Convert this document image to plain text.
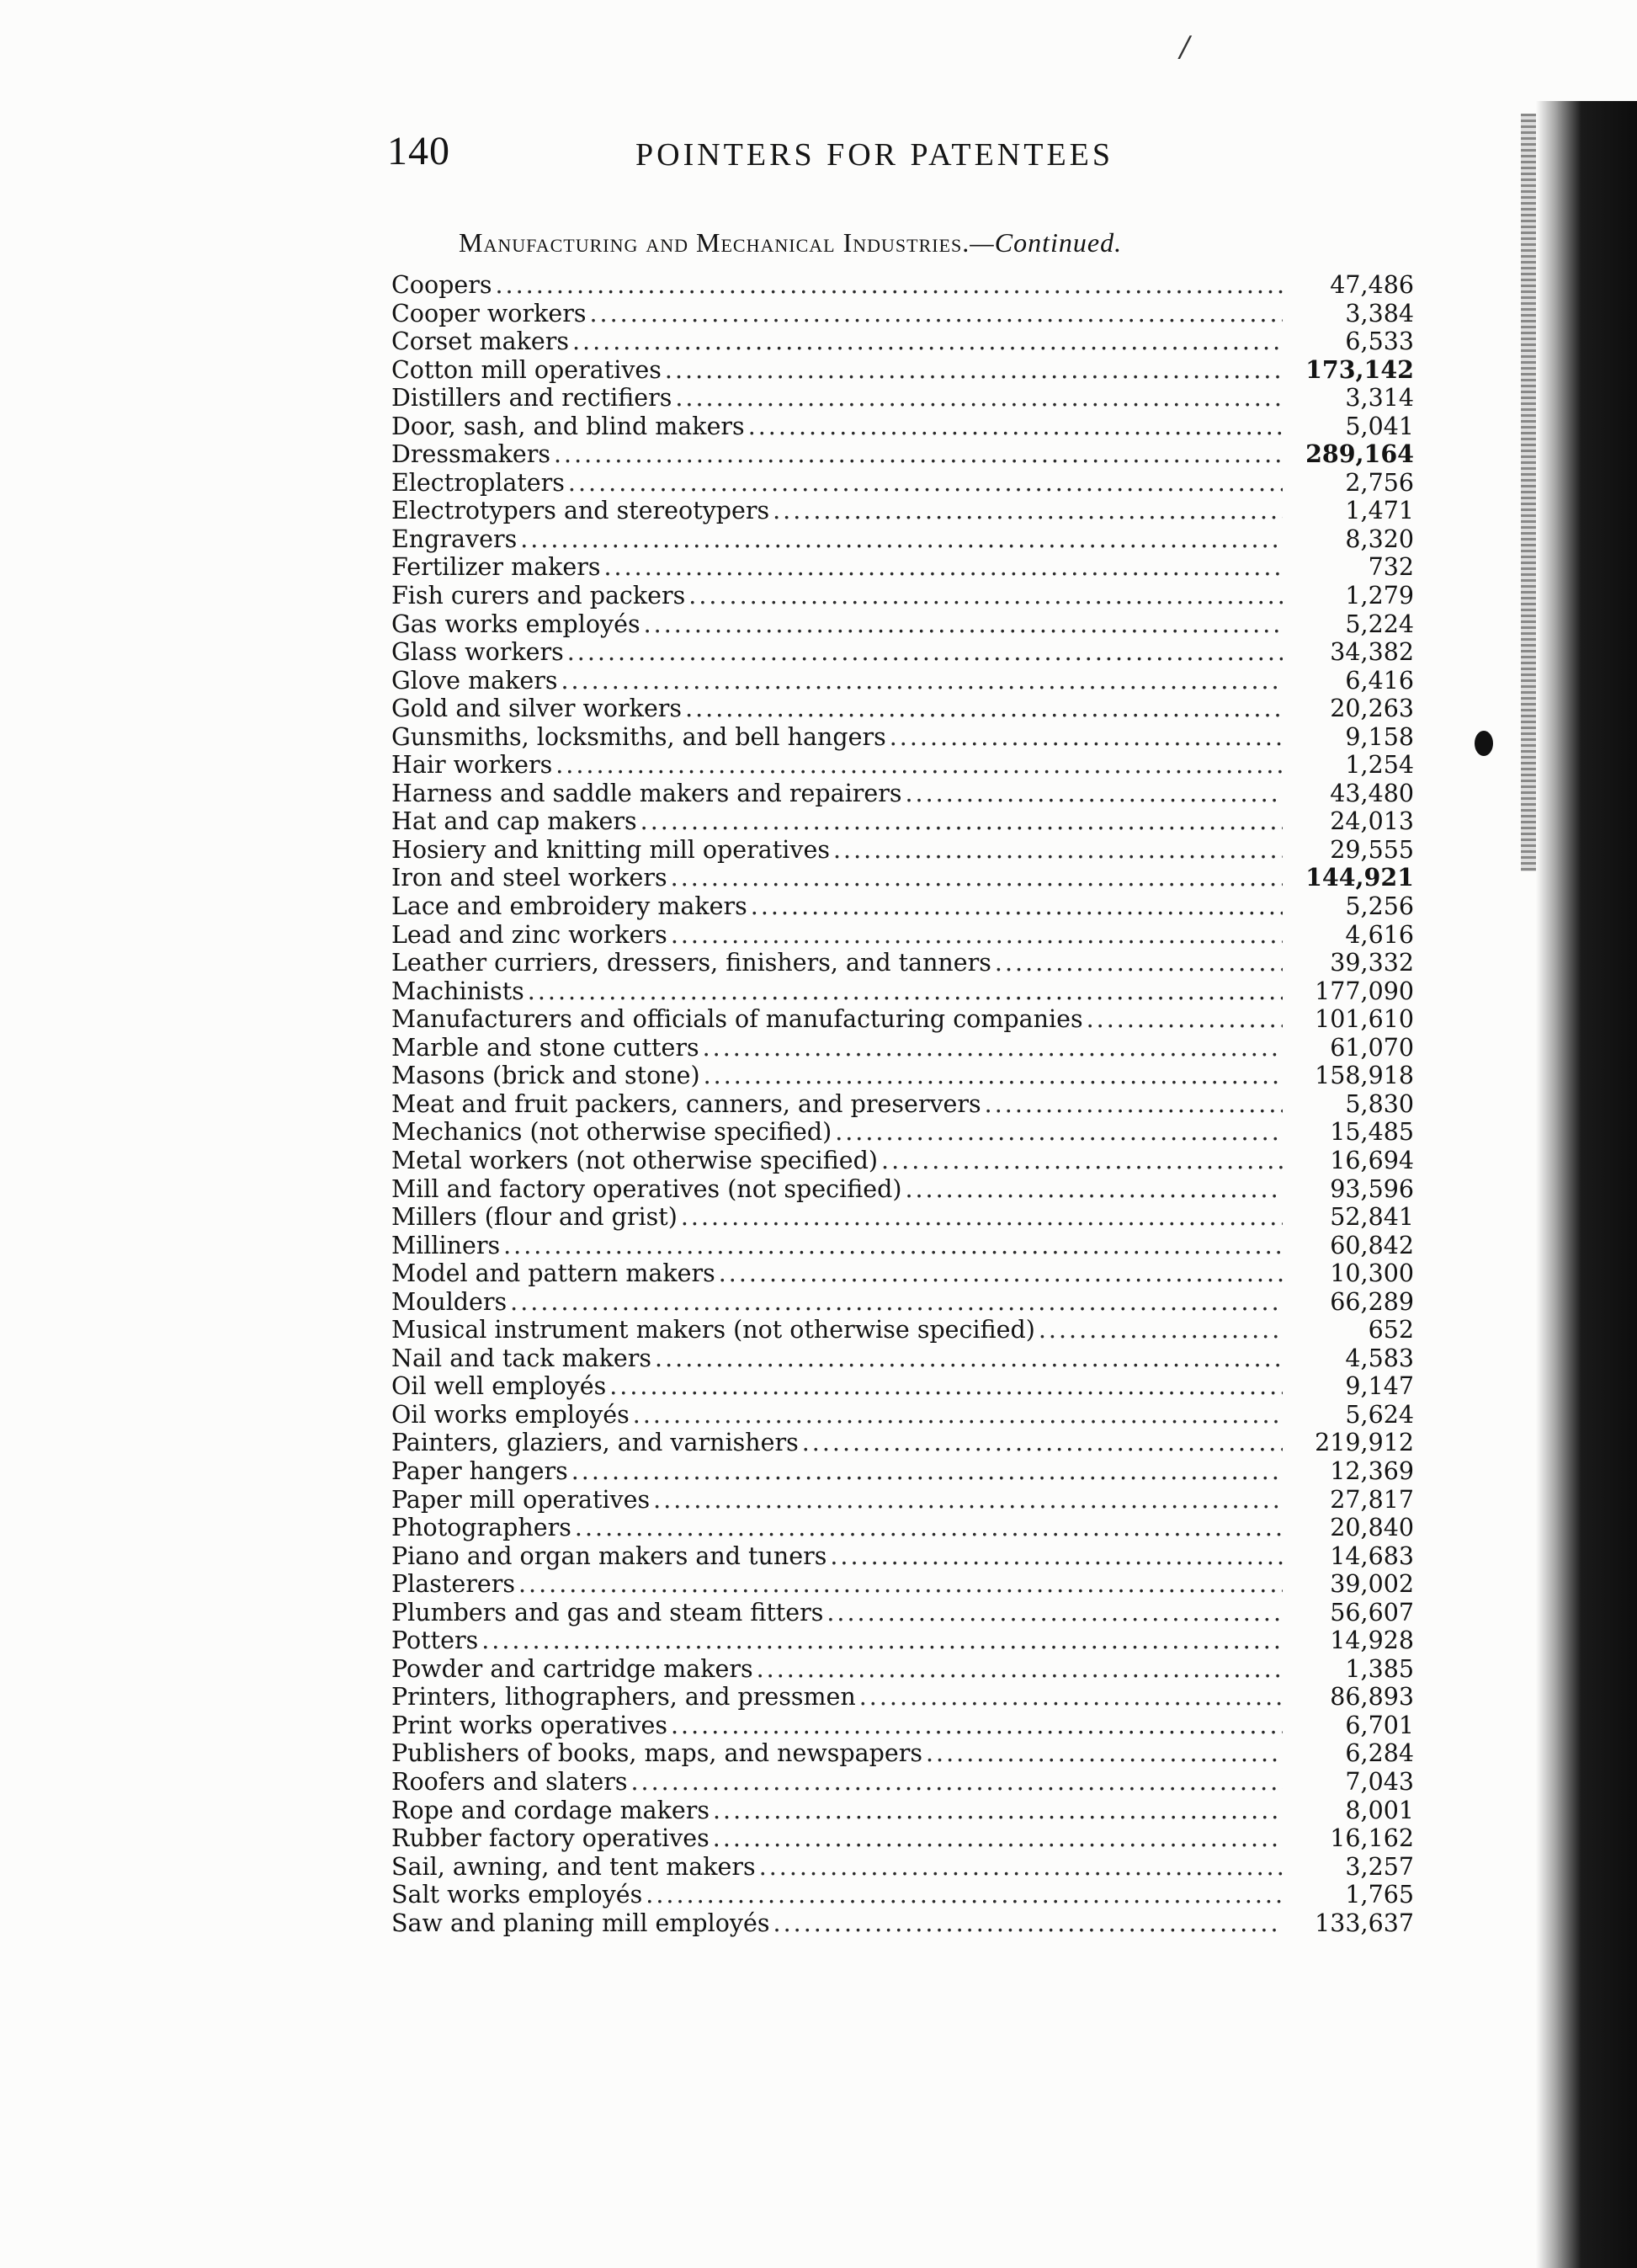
/
140	POINTERS FOR PATENTEES
Manufacturing and Mechanical Industries.—Continued.
Coopers .....	47,486
Cooper workers .....	3,384
Corset makers .....	6,533
Cotton mill operatives .....	173,142
Distillers and rectifiers .....	3,314
Door, sash, and blind makers .....	5,041
Dressmakers .....	289,164
Electroplaters .....	2,756
Electrotypers and stereotypers .....	1,471
Engravers .....	8,320
Fertilizer makers .....	732
Fish curers and packers .....	1,279
Gas works employés .....	5,224
Glass workers .....	34,382
Glove makers .....	6,416
Gold and silver workers .....	20,263
Gunsmiths, locksmiths, and bell hangers .....	9,158
Hair workers .....	1,254
Harness and saddle makers and repairers .....	43,480
Hat and cap makers .....	24,013
Hosiery and knitting mill operatives .....	29,555
Iron and steel workers .....	144,921
Lace and embroidery makers .....	5,256
Lead and zinc workers .....	4,616
Leather curriers, dressers, finishers, and tanners .....	39,332
Machinists .....	177,090
Manufacturers and officials of manufacturing companies .....	101,610
Marble and stone cutters .....	61,070
Masons (brick and stone) .....	158,918
Meat and fruit packers, canners, and preservers .....	5,830
Mechanics (not otherwise specified) .....	15,485
Metal workers (not otherwise specified) .....	16,694
Mill and factory operatives (not specified) .....	93,596
Millers (flour and grist) .....	52,841
Milliners .....	60,842
Model and pattern makers .....	10,300
Moulders .....	66,289
Musical instrument makers (not otherwise specified) .....	652
Nail and tack makers .....	4,583
Oil well employés .....	9,147
Oil works employés .....	5,624
Painters, glaziers, and varnishers .....	219,912
Paper hangers .....	12,369
Paper mill operatives .....	27,817
Photographers .....	20,840
Piano and organ makers and tuners .....	14,683
Plasterers .....	39,002
Plumbers and gas and steam fitters .....	56,607
Potters .....	14,928
Powder and cartridge makers .....	1,385
Printers, lithographers, and pressmen .....	86,893
Print works operatives .....	6,701
Publishers of books, maps, and newspapers .....	6,284
Roofers and slaters .....	7,043
Rope and cordage makers .....	8,001
Rubber factory operatives .....	16,162
Sail, awning, and tent makers .....	3,257
Salt works employés .....	1,765
Saw and planing mill employés .....	133,637
